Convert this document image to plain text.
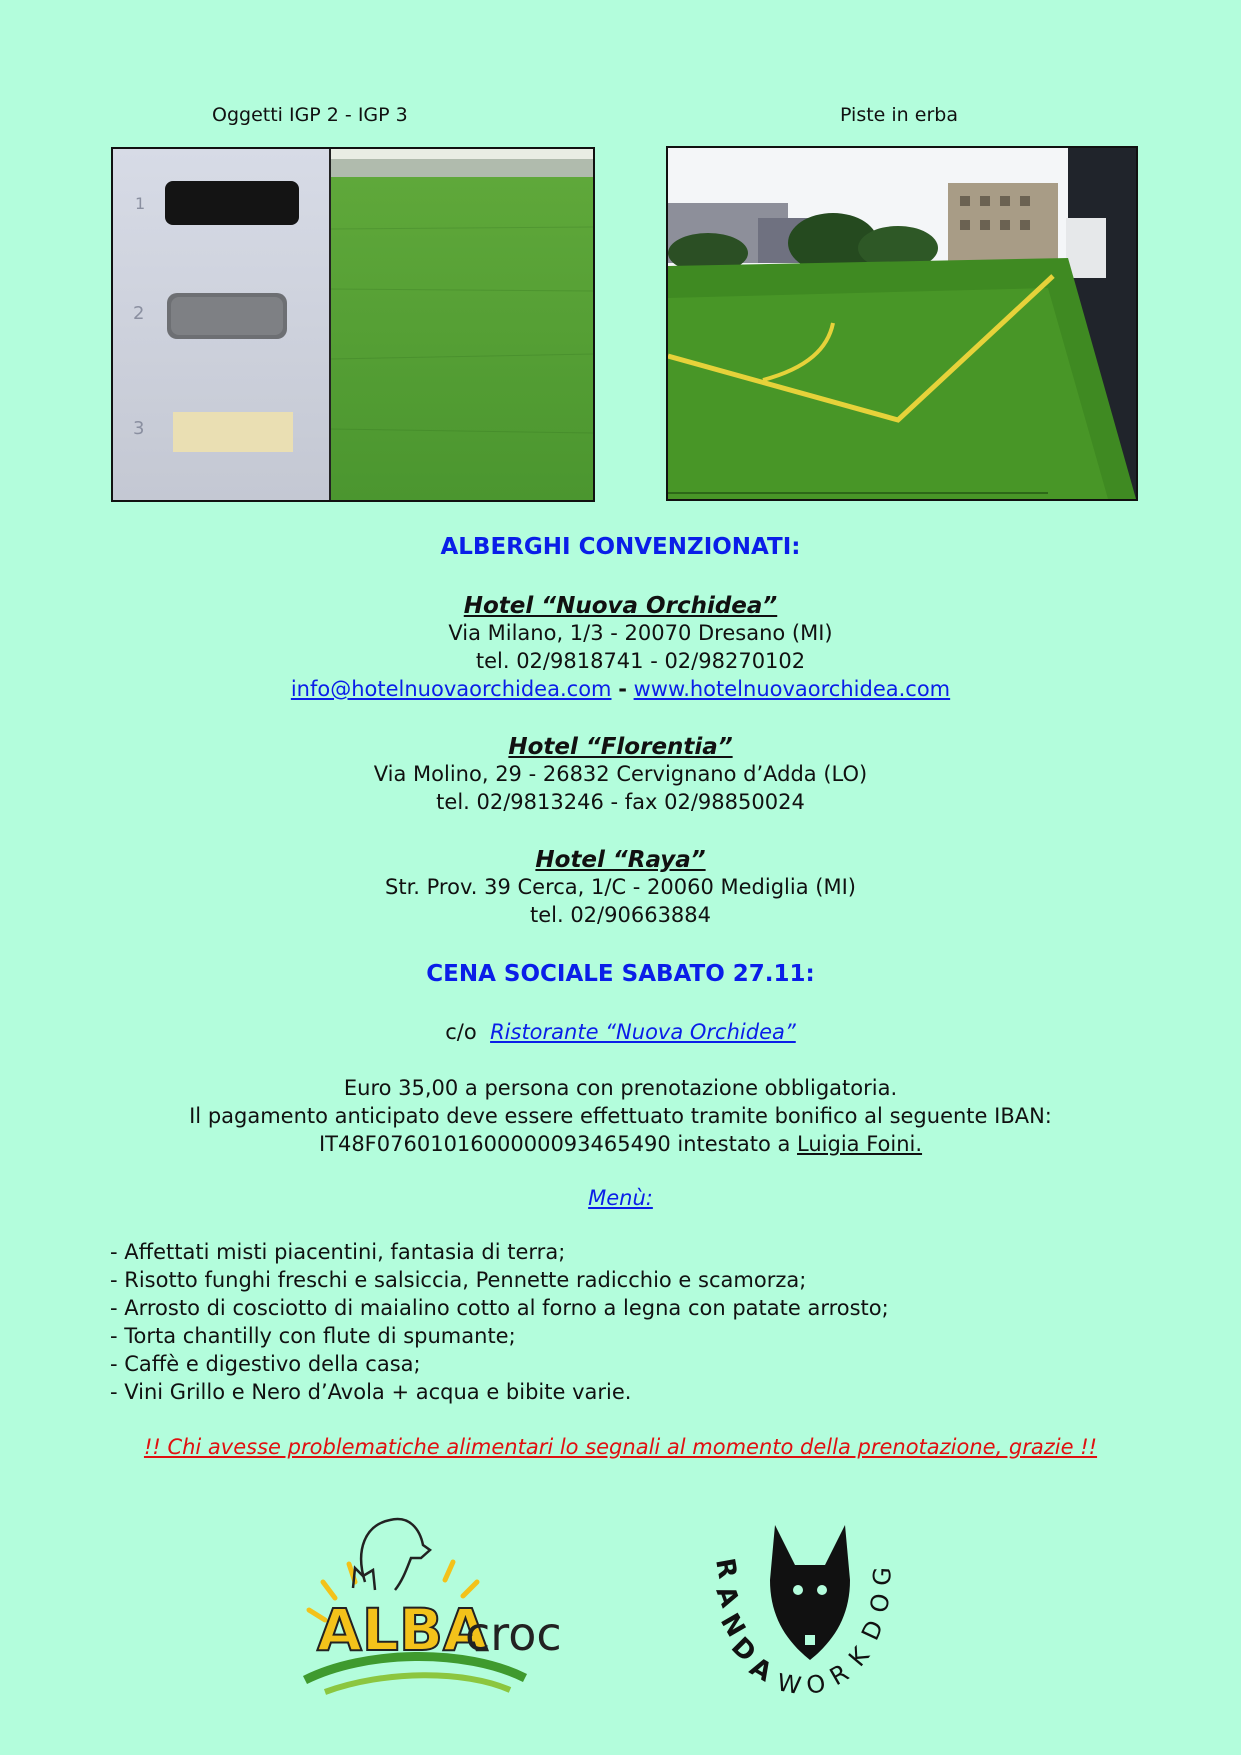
Oggetti IGP 2 - IGP 3	Piste in erba
1
2
3
ALBERGHI CONVENZIONATI:
Hotel “Nuova Orchidea”
Via Milano, 1/3 - 20070 Dresano (MI)
tel. 02/9818741 - 02/98270102
info@hotelnuovaorchidea.com - www.hotelnuovaorchidea.com
Hotel “Florentia”
Via Molino, 29 - 26832 Cervignano d’Adda (LO)
tel. 02/9813246 - fax 02/98850024
Hotel “Raya”
Str. Prov. 39 Cerca, 1/C - 20060 Mediglia (MI)
tel. 02/90663884
CENA SOCIALE SABATO 27.11:
c/o Ristorante “Nuova Orchidea”
Euro 35,00 a persona con prenotazione obbligatoria.
Il pagamento anticipato deve essere effettuato tramite bonifico al seguente IBAN:
IT48F0760101600000093465490 intestato a Luigia Foini.
Menù:
- Affettati misti piacentini, fantasia di terra;
- Risotto funghi freschi e salsiccia, Pennette radicchio e scamorza;
- Arrosto di cosciotto di maialino cotto al forno a legna con patate arrosto;
- Torta chantilly con flute di spumante;
- Caffè e digestivo della casa;
- Vini Grillo e Nero d’Avola + acqua e bibite varie.
!! Chi avesse problematiche alimentari lo segnali al momento della prenotazione, grazie !!
ALBA
croc
R
A
N
D
A
W O
R
K
D
O
G
